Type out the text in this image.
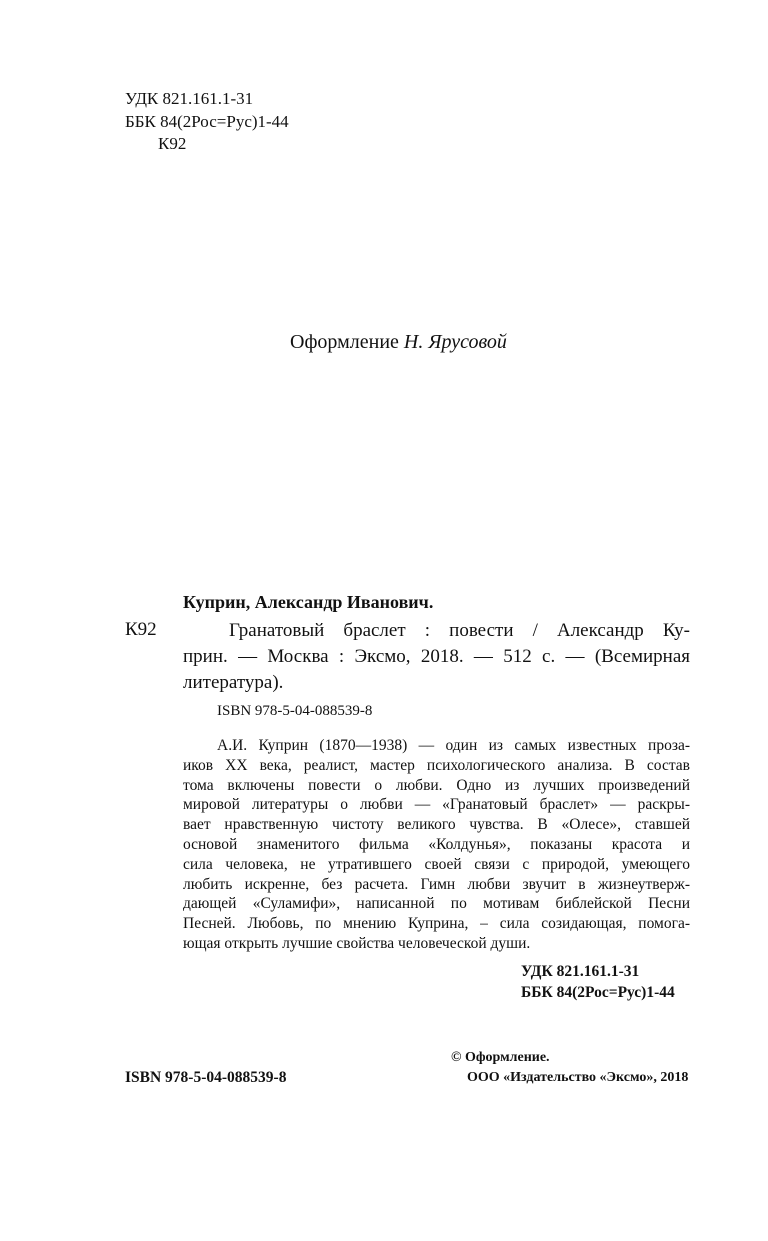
УДК 821.161.1-31
ББК 84(2Рос=Рус)1-44
К92
Оформление Н. Ярусовой
Куприн, Александр Иванович.
К92	Гранатовый браслет : повести / Александр Ку-
прин. — Москва : Эксмо, 2018. — 512 с. — (Всемирная
литература).
ISBN 978-5-04-088539-8
А.И. Куприн (1870—1938) — один из самых известных проза-
иков XX века, реалист, мастер психологического анализа. В состав
тома включены повести о любви. Одно из лучших произведений
мировой литературы о любви — «Гранатовый браслет» — раскры-
вает нравственную чистоту великого чувства. В «Олесе», ставшей
основой знаменитого фильма «Колдунья», показаны красота и
сила человека, не утратившего своей связи с природой, умеющего
любить искренне, без расчета. Гимн любви звучит в жизнеутверж-
дающей «Суламифи», написанной по мотивам библейской Песни
Песней. Любовь, по мнению Куприна, – сила созидающая, помога-
ющая открыть лучшие свойства человеческой души.
УДК 821.161.1-31
ББК 84(2Рос=Рус)1-44
© Оформление.
ISBN 978-5-04-088539-8	ООО «Издательство «Эксмо», 2018
